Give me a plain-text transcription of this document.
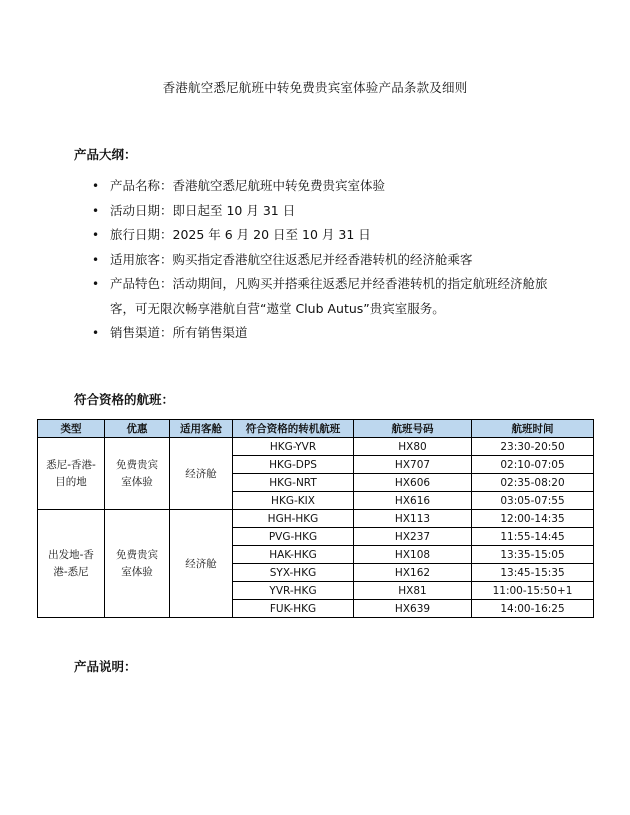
香港航空悉尼航班中转免费贵宾室体验产品条款及细则
产品大纲：
• 产品名称：香港航空悉尼航班中转免费贵宾室体验
• 活动日期：即日起至 10 月 31 日
• 旅行日期：2025 年 6 月 20 日至 10 月 31 日
• 适用旅客：购买指定香港航空往返悉尼并经香港转机的经济舱乘客
• 产品特色：活动期间，凡购买并搭乘往返悉尼并经香港转机的指定航班经济舱旅客，可无限次畅享港航自营“遨堂 Club Autus”贵宾室服务。
• 销售渠道：所有销售渠道
符合资格的航班：
类型	优惠	适用客舱	符合资格的转机航班	航班号码	航班时间

悉尼-香港-目的地	免费贵宾室体验	经济舱	HKG-YVR	HX80	23:30-20:50
			HKG-DPS	HX707	02:10-07:05
			HKG-NRT	HX606	02:35-08:20
			HKG-KIX	HX616	03:05-07:55

出发地-香港-悉尼	免费贵宾室体验	经济舱	HGH-HKG	HX113	12:00-14:35
			PVG-HKG	HX237	11:55-14:45
			HAK-HKG	HX108	13:35-15:05
			SYX-HKG	HX162	13:45-15:35
			YVR-HKG	HX81	11:00-15:50+1
			FUK-HKG	HX639	14:00-16:25
产品说明：
